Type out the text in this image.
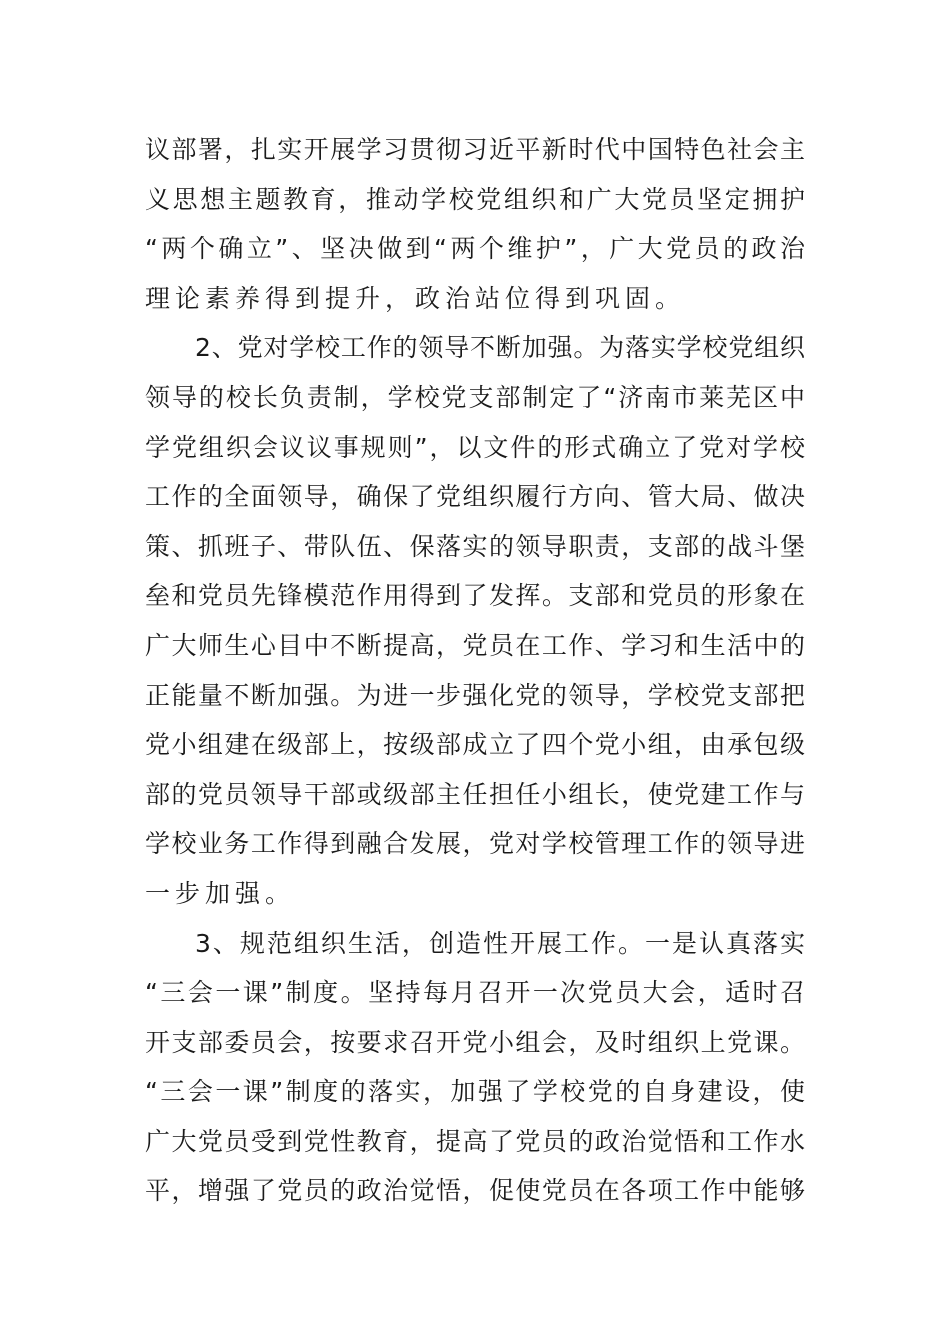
议部署，扎实开展学习贯彻习近平新时代中国特色社会主
义思想主题教育，推动学校党组织和广大党员坚定拥护
“两个确立”、坚决做到“两个维护”，广大党员的政治
理论素养得到提升，政治站位得到巩固。
2、党对学校工作的领导不断加强。为落实学校党组织
领导的校长负责制，学校党支部制定了“济南市莱芜区中
学党组织会议议事规则”，以文件的形式确立了党对学校
工作的全面领导，确保了党组织履行方向、管大局、做决
策、抓班子、带队伍、保落实的领导职责，支部的战斗堡
垒和党员先锋模范作用得到了发挥。支部和党员的形象在
广大师生心目中不断提高，党员在工作、学习和生活中的
正能量不断加强。为进一步强化党的领导，学校党支部把
党小组建在级部上，按级部成立了四个党小组，由承包级
部的党员领导干部或级部主任担任小组长，使党建工作与
学校业务工作得到融合发展，党对学校管理工作的领导进
一步加强。
3、规范组织生活，创造性开展工作。一是认真落实
“三会一课”制度。坚持每月召开一次党员大会，适时召
开支部委员会，按要求召开党小组会，及时组织上党课。
“三会一课”制度的落实，加强了学校党的自身建设，使
广大党员受到党性教育，提高了党员的政治觉悟和工作水
平，增强了党员的政治觉悟，促使党员在各项工作中能够
